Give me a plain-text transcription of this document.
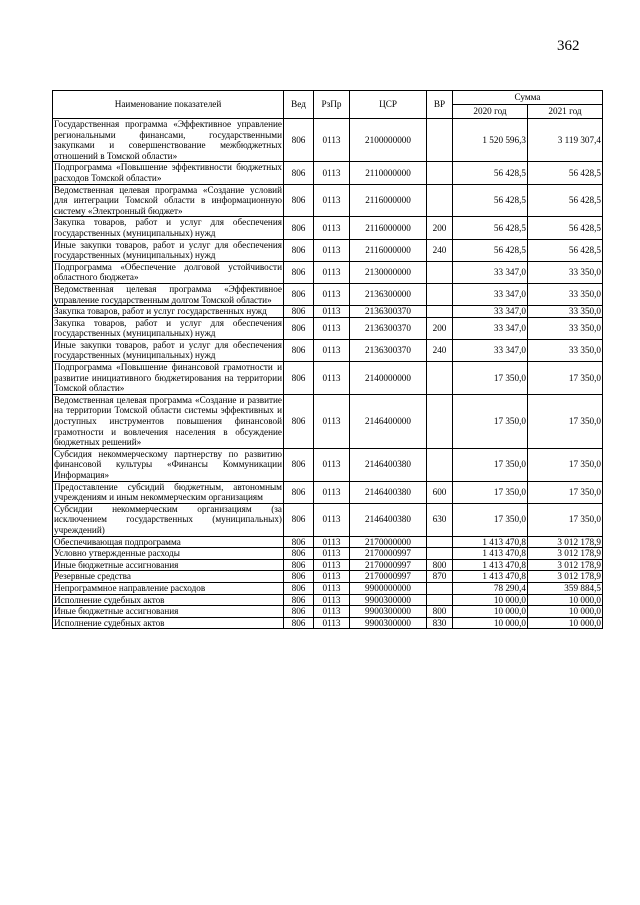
362
Наименование показателей	Вед	РзПр	ЦСР	ВР	Сумма	
					2020 год	2021 год
Государственная программа «Эффективное управление региональными финансами, государственными закупками и совершенствование межбюджетных отношений в Томской области»	806	0113	2100000000		1 520 596,3	3 119 307,4
Подпрограмма «Повышение эффективности бюджетных расходов Томской области»	806	0113	2110000000		56 428,5	56 428,5
Ведомственная целевая программа «Создание условий для интеграции Томской области в информационную систему «Электронный бюджет»	806	0113	2116000000		56 428,5	56 428,5
Закупка товаров, работ и услуг для обеспечения государственных (муниципальных) нужд	806	0113	2116000000	200	56 428,5	56 428,5
Иные закупки товаров, работ и услуг для обеспечения государственных (муниципальных) нужд	806	0113	2116000000	240	56 428,5	56 428,5
Подпрограмма «Обеспечение долговой устойчивости областного бюджета»	806	0113	2130000000		33 347,0	33 350,0
Ведомственная целевая программа «Эффективное управление государственным долгом Томской области»	806	0113	2136300000		33 347,0	33 350,0
Закупка товаров, работ и услуг государственных нужд	806	0113	2136300370		33 347,0	33 350,0
Закупка товаров, работ и услуг для обеспечения государственных (муниципальных) нужд	806	0113	2136300370	200	33 347,0	33 350,0
Иные закупки товаров, работ и услуг для обеспечения государственных (муниципальных) нужд	806	0113	2136300370	240	33 347,0	33 350,0
Подпрограмма «Повышение финансовой грамотности и развитие инициативного бюджетирования на территории Томской области»	806	0113	2140000000		17 350,0	17 350,0
Ведомственная целевая программа «Создание и развитие на территории Томской области системы эффективных и доступных инструментов повышения финансовой грамотности и вовлечения населения в обсуждение бюджетных решений»	806	0113	2146400000		17 350,0	17 350,0
Субсидия некоммерческому партнерству по развитию финансовой культуры «Финансы Коммуникации Информация»	806	0113	2146400380		17 350,0	17 350,0
Предоставление субсидий бюджетным, автономным учреждениям и иным некоммерческим организациям	806	0113	2146400380	600	17 350,0	17 350,0
Субсидии некоммерческим организациям (за исключением государственных (муниципальных) учреждений)	806	0113	2146400380	630	17 350,0	17 350,0
Обеспечивающая подпрограмма	806	0113	2170000000		1 413 470,8	3 012 178,9
Условно утвержденные расходы	806	0113	2170000997		1 413 470,8	3 012 178,9
Иные бюджетные ассигнования	806	0113	2170000997	800	1 413 470,8	3 012 178,9
Резервные средства	806	0113	2170000997	870	1 413 470,8	3 012 178,9
Непрограммное направление расходов	806	0113	9900000000		78 290,4	359 884,5
Исполнение судебных актов	806	0113	9900300000		10 000,0	10 000,0
Иные бюджетные ассигнования	806	0113	9900300000	800	10 000,0	10 000,0
Исполнение судебных актов	806	0113	9900300000	830	10 000,0	10 000,0
